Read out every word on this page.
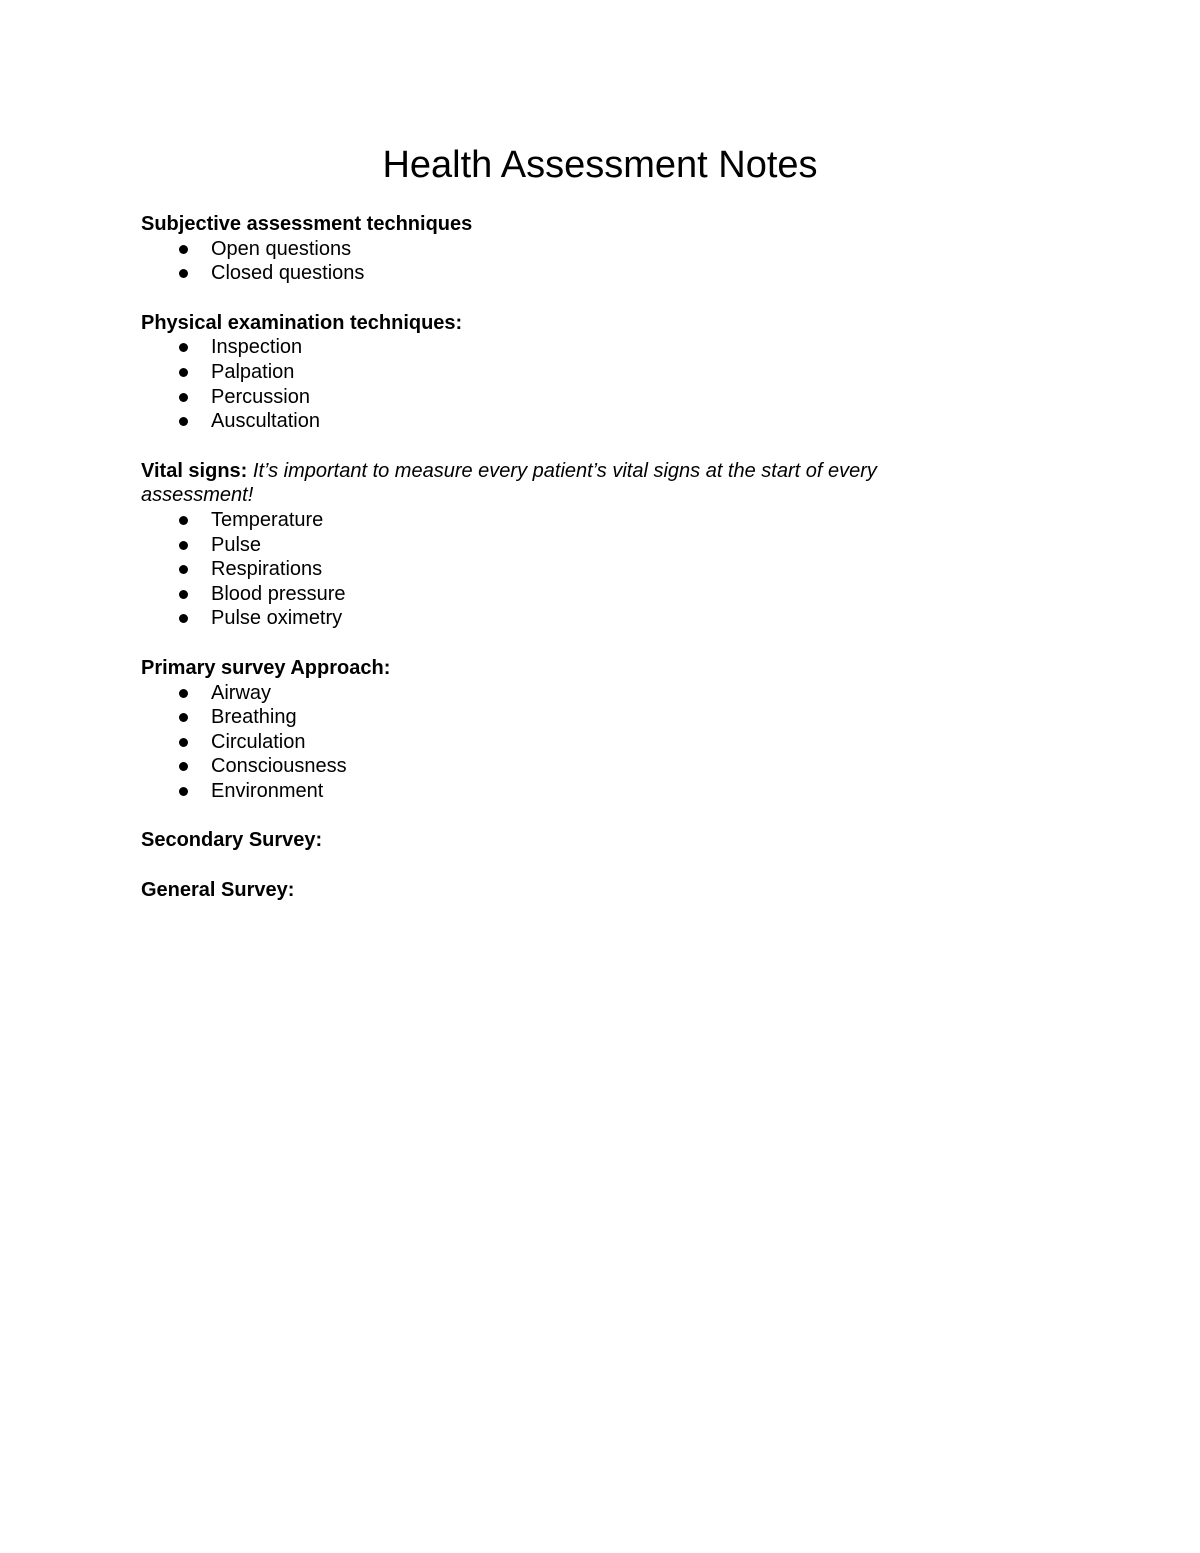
Health Assessment Notes

Subjective assessment techniques

Open questions
Closed questions

Physical examination techniques:

Inspection
Palpation
Percussion
Auscultation

Vital signs: It’s important to measure every patient’s vital signs at the start of every assessment!

Temperature
Pulse
Respirations
Blood pressure
Pulse oximetry

Primary survey Approach:

Airway
Breathing
Circulation
Consciousness
Environment

Secondary Survey:

General Survey:
